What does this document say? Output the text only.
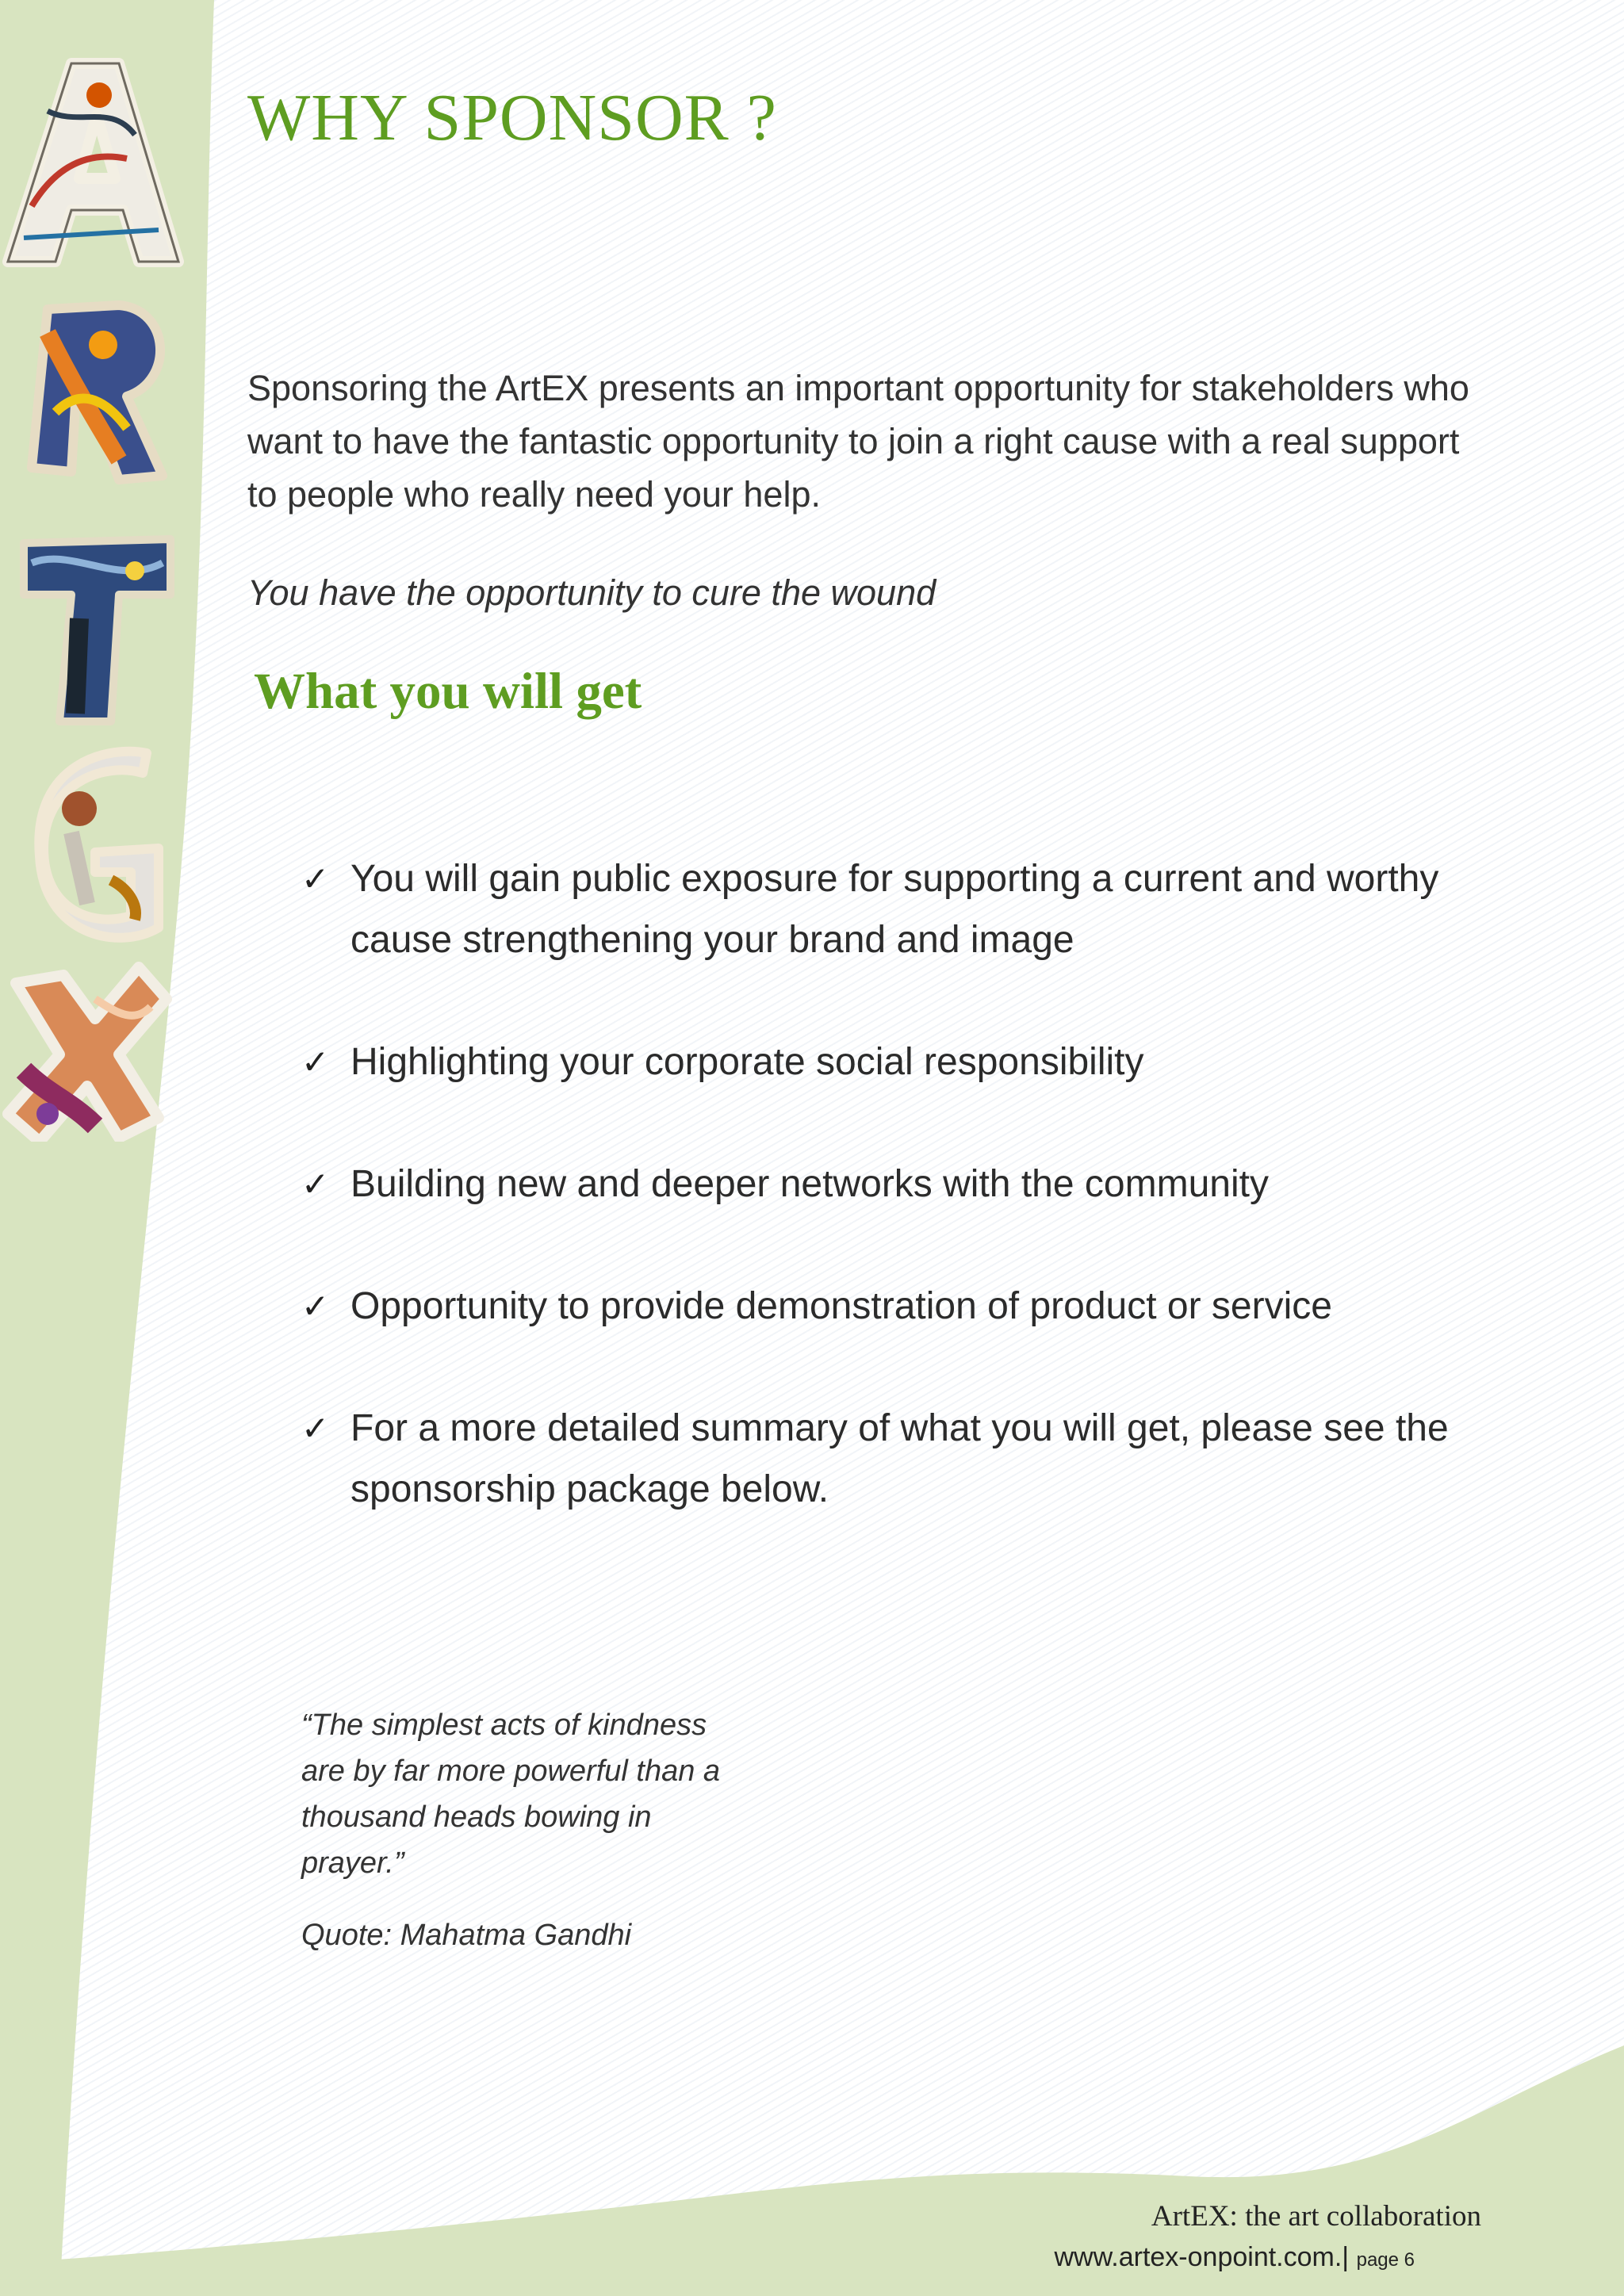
WHY SPONSOR ?

Sponsoring the ArtEX presents an important opportunity for stakeholders who want to have the fantastic opportunity to join a right cause with a real support to people who really need your help.

You have the opportunity to cure the wound

What you will get
✓ You will gain public exposure for supporting a current and worthy cause strengthening your brand and image
✓ Highlighting your corporate social responsibility
✓ Building new and deeper networks with the community
✓ Opportunity to provide demonstration of product or service
✓ For a more detailed summary of what you will get, please see the sponsorship package below.

“The simplest acts of kindness are by far more powerful than a thousand heads bowing in prayer.”

Quote: Mahatma Gandhi

ArtEX: the art collaboration

www.artex-onpoint.com.| page 6
